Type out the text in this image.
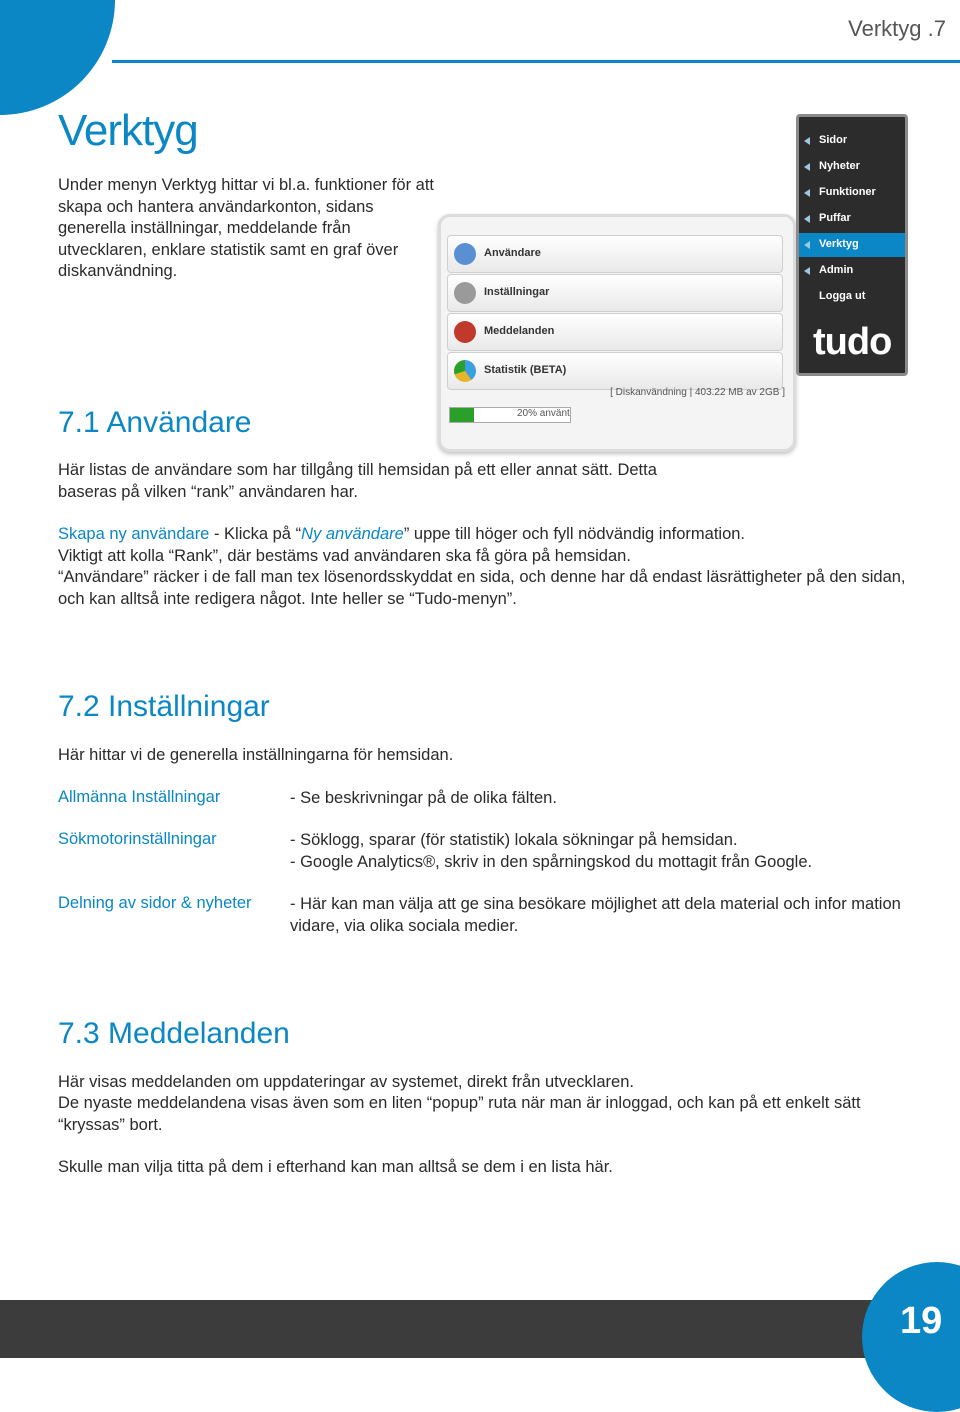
Verktyg .7
Verktyg
Under menyn Verktyg hittar vi bl.a. funktioner för att skapa och hantera användarkonton, sidans generella inställningar, meddelande från utvecklaren, enklare statistik samt en graf över diskanvändning.
Användare
Inställningar
Meddelanden
Statistik (BETA)
[ Diskanvändning | 403.22 MB av 2GB ]
20% använt
Sidor
Nyheter
Funktioner
Puffar
Verktyg
Admin
Logga ut
tudo
7.1 Användare
Här listas de användare som har tillgång till hemsidan på ett eller annat sätt. Detta baseras på vilken “rank” användaren har.
Skapa ny användare - Klicka på “Ny användare” uppe till höger och fyll nödvändig information.
Viktigt att kolla “Rank”, där bestäms vad användaren ska få göra på hemsidan.
“Användare” räcker i de fall man tex lösenordsskyddat en sida, och denne har då endast läsrättigheter på den sidan, och kan alltså inte redigera något. Inte heller se “Tudo-menyn”.
7.2 Inställningar
Här hittar vi de generella inställningarna för hemsidan.
Allmänna Inställningar	- Se beskrivningar på de olika fälten.
Sökmotorinställningar	- Söklogg, sparar (för statistik) lokala sökningar på hemsidan.
- Google Analytics®, skriv in den spårningskod du mottagit från Google.
Delning av sidor & nyheter - Här kan man välja att ge sina besökare möjlighet att dela material och infor mation vidare, via olika sociala medier.
7.3 Meddelanden
Här visas meddelanden om uppdateringar av systemet, direkt från utvecklaren.
De nyaste meddelandena visas även som en liten “popup” ruta när man är inloggad, och kan på ett enkelt sätt “kryssas” bort.
Skulle man vilja titta på dem i efterhand kan man alltså se dem i en lista här.
19
